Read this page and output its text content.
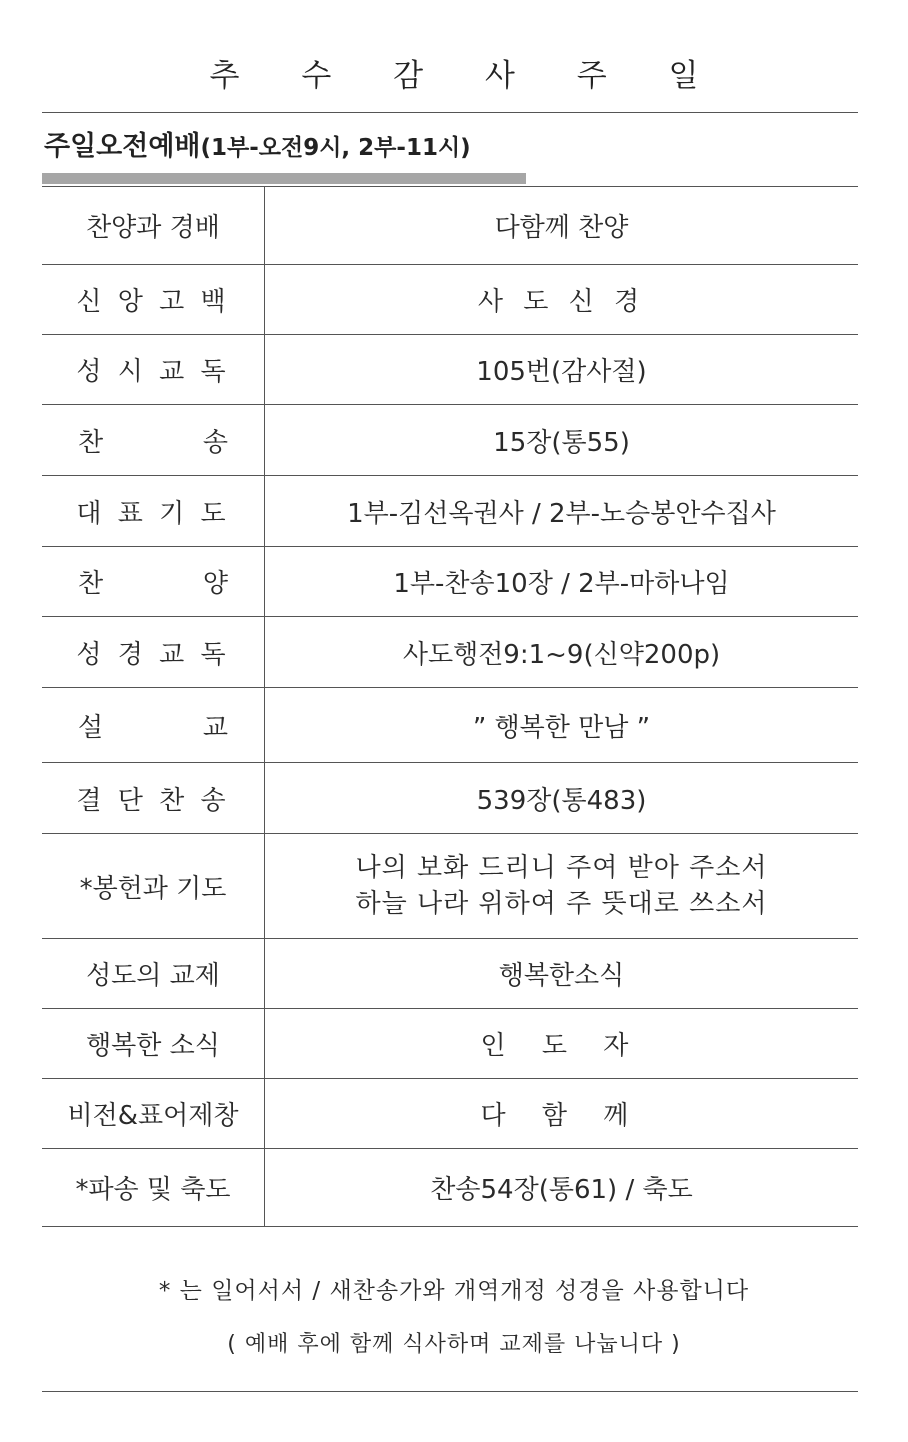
추 수 감 사 주 일
주일오전예배(1부-오전9시, 2부-11시)
찬양과 경배	다함께 찬양
신 앙 고 백	사 도 신 경
성 시 교 독	105번(감사절)

찬 송	15장(통55)
대 표 기 도	1부-김선옥권사 / 2부-노승봉안수집사

찬 양	1부-찬송10장 / 2부-마하나임
성 경 교 독	사도행전9:1~9(신약200p)

설 교	” 행복한 만남 ”
결 단 찬 송	539장(통483)
*봉헌과 기도	나의 보화 드리니 주여 받아 주소서
하늘 나라 위하여 주 뜻대로 쓰소서

성도의 교제	행복한소식
행복한 소식	인 도 자
비전&표어제창	다 함 께
*파송 및 축도	찬송54장(통61) / 축도
* 는 일어서서 / 새찬송가와 개역개정 성경을 사용합니다
( 예배 후에 함께 식사하며 교제를 나눕니다 )
